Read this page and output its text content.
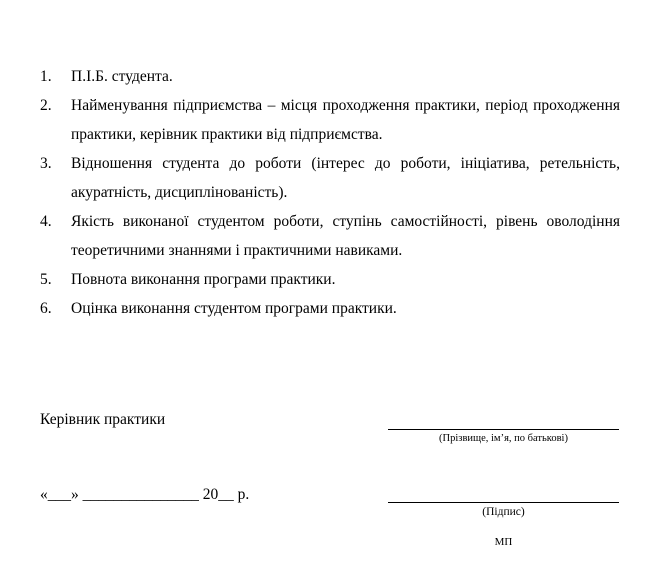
1.	П.І.Б. студента.
2.	Найменування підприємства – місця проходження практики, період проходження практики, керівник практики від підприємства.
3.	Відношення студента до роботи (інтерес до роботи, ініціатива, ретельність, акуратність, дисциплінованість).
4.	Якість виконаної студентом роботи, ступінь самостійності, рівень оволодіння теоретичними знаннями і практичними навиками.
5.	Повнота виконання програми практики.
6.	Оцінка виконання студентом програми практики.
Керівник практики
(Прізвище, ім’я, по батькові)
«___» _______________ 20__ р.
(Підпис)
МП
